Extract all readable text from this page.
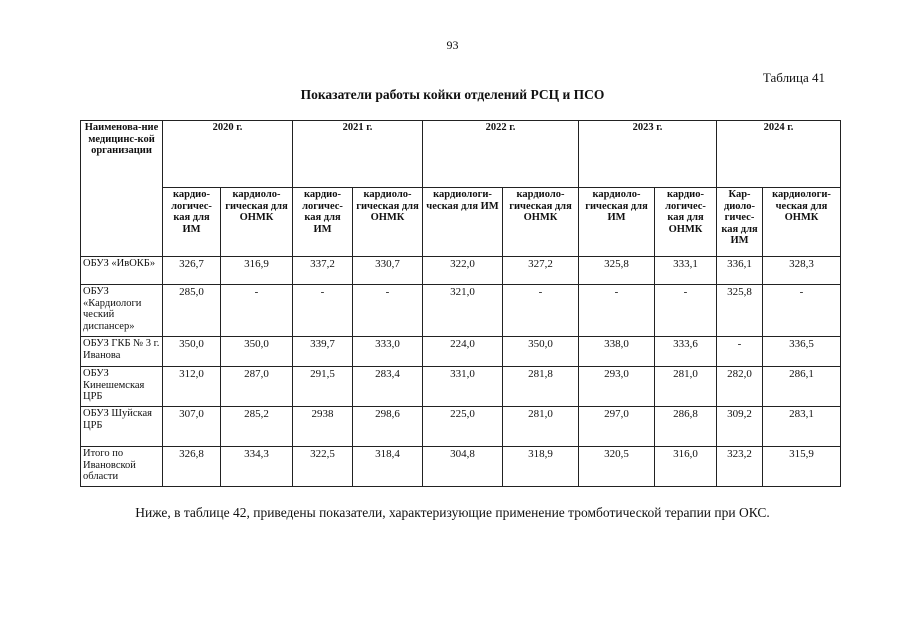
93
Таблица 41
Показатели работы койки отделений РСЦ и ПСО
Наименова-ние медицинс-кой организации	2020 г.		2021 г.		2022 г.		2023 г.		2024 г.	
	кардио-логичес-кая для ИМ	кардиоло-гическая для ОНМК	кардио-логичес-кая для ИМ	кардиоло-гическая для ОНМК	кардиологи-ческая для ИМ	кардиоло-гическая для ОНМК	кардиоло-гическая для ИМ	кардио-логичес-кая для ОНМК	Кар-диоло-гичес-кая для ИМ	кардиологи-ческая для ОНМК
ОБУЗ «ИвОКБ»	326,7	316,9	337,2	330,7	322,0	327,2	325,8	333,1	336,1	328,3
ОБУЗ «Кардиологи ческий диспансер»	285,0	-	-	-	321,0	-	-	-	325,8	-
ОБУЗ ГКБ № 3 г. Иванова	350,0	350,0	339,7	333,0	224,0	350,0	338,0	333,6	-	336,5
ОБУЗ Кинешемская ЦРБ	312,0	287,0	291,5	283,4	331,0	281,8	293,0	281,0	282,0	286,1
ОБУЗ Шуйская ЦРБ	307,0	285,2	2938	298,6	225,0	281,0	297,0	286,8	309,2	283,1
Итого по Ивановской области	326,8	334,3	322,5	318,4	304,8	318,9	320,5	316,0	323,2	315,9
Ниже, в таблице 42, приведены показатели, характеризующие применение тромботической терапии при ОКС.
